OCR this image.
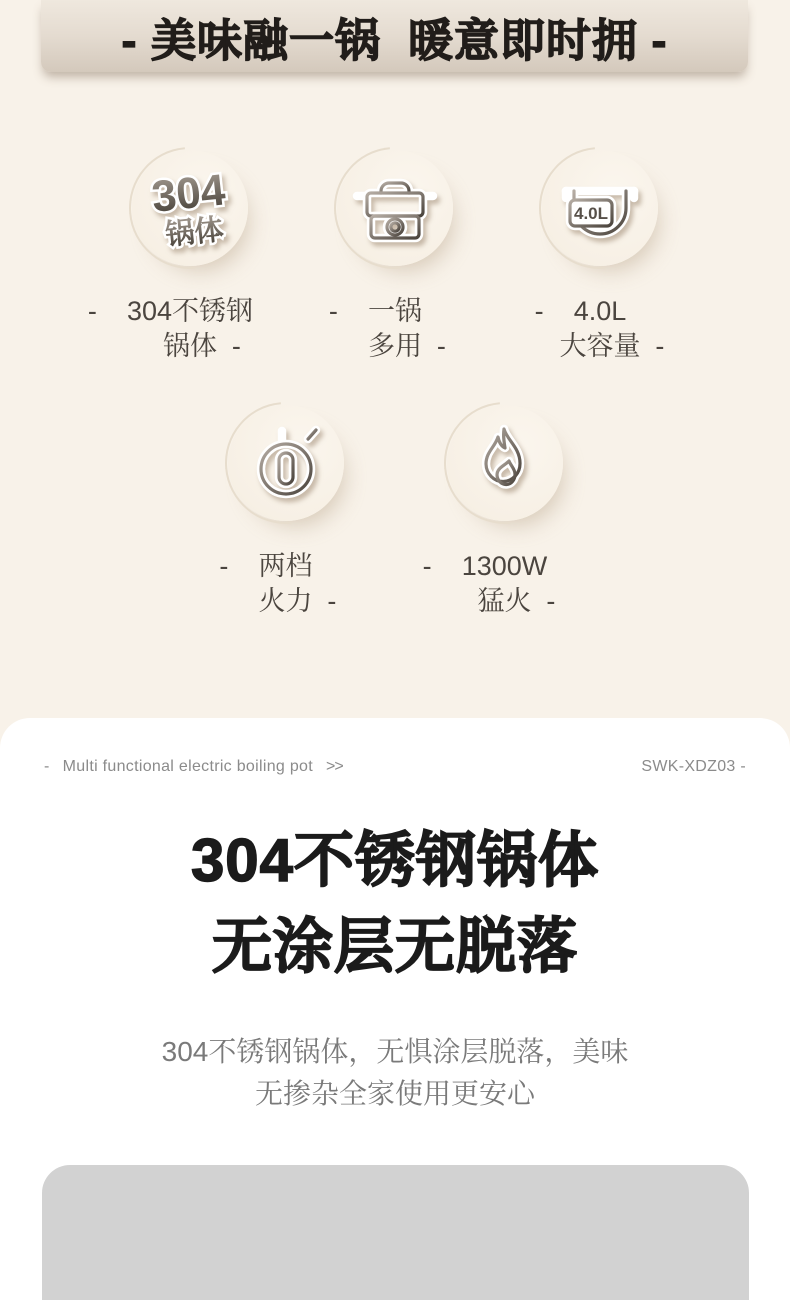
- 美味融一锅  暖意即时拥 -
304
锅体
- 304不锈钢
锅体 -
- 一锅
多用 -
4.0L
- 4.0L
大容量 -
- 两档
火力 -
- 1300W
猛火 -
- Multi functional electric boiling pot >>	SWK-XDZ03 -
304不锈钢锅体
无涂层无脱落
304不锈钢锅体，无惧涂层脱落，美味
无掺杂全家使用更安心
